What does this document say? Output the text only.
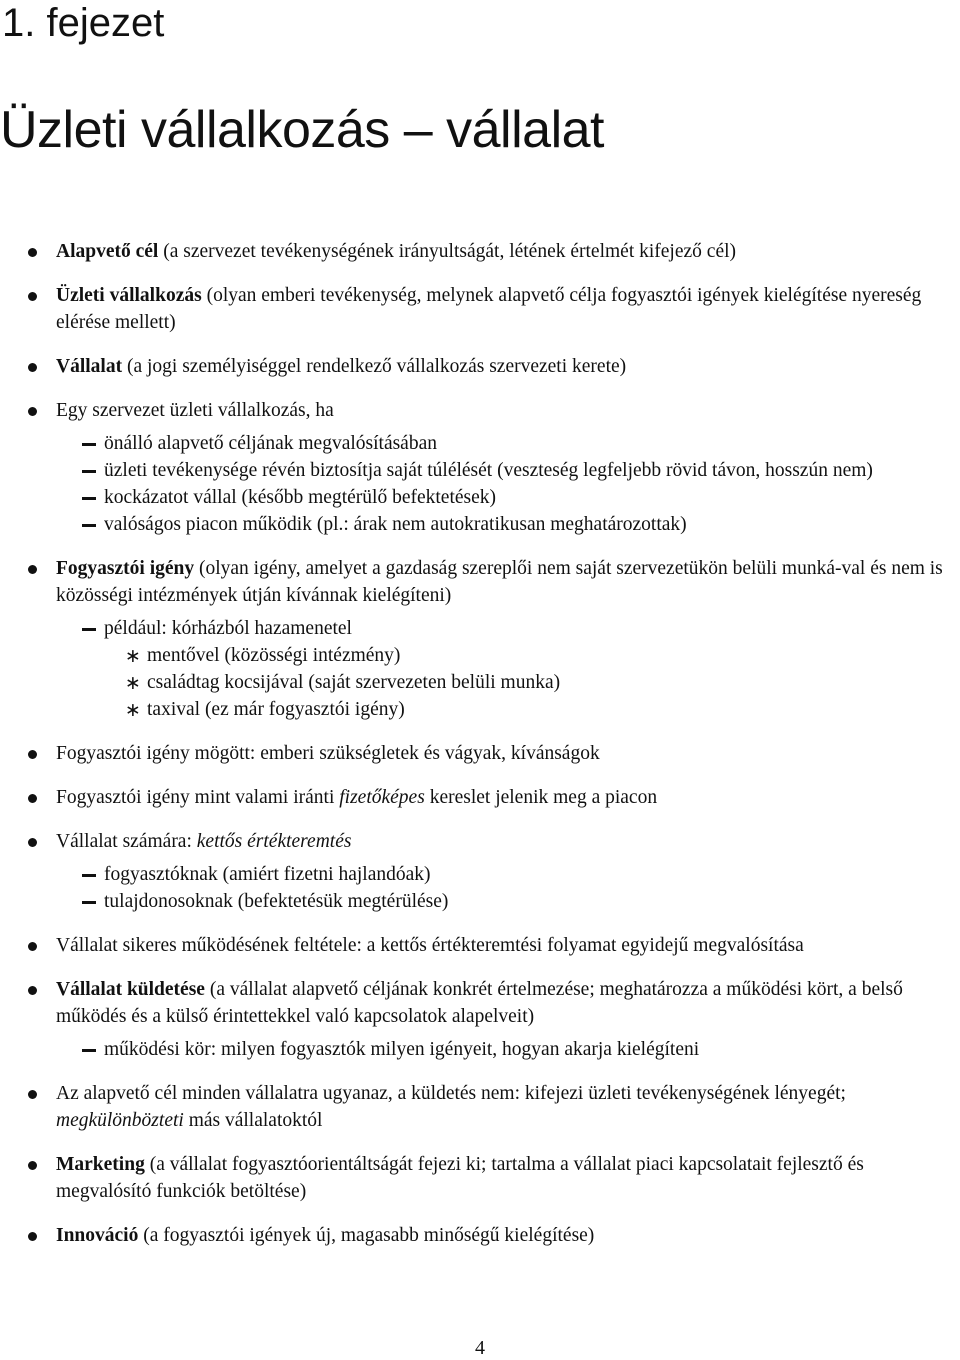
1. fejezet
Üzleti vállalkozás – vállalat
Alapvető cél (a szervezet tevékenységének irányultságát, létének értelmét kifejező cél)
Üzleti vállalkozás (olyan emberi tevékenység, melynek alapvető célja fogyasztói igények kielégítése nyereség elérése mellett)
Vállalat (a jogi személyiséggel rendelkező vállalkozás szervezeti kerete)
Egy szervezet üzleti vállalkozás, ha
önálló alapvető céljának megvalósításában
üzleti tevékenysége révén biztosítja saját túlélését (veszteség legfeljebb rövid távon, hosszún nem)
kockázatot vállal (később megtérülő befektetések)
valóságos piacon működik (pl.: árak nem autokratikusan meghatározottak)
Fogyasztói igény (olyan igény, amelyet a gazdaság szereplői nem saját szervezetükön belüli munká-val és nem is közösségi intézmények útján kívánnak kielégíteni)
például: kórházból hazamenetel
∗ mentővel (közösségi intézmény)
∗ családtag kocsijával (saját szervezeten belüli munka)
∗ taxival (ez már fogyasztói igény)
Fogyasztói igény mögött: emberi szükségletek és vágyak, kívánságok
Fogyasztói igény mint valami iránti fizetőképes kereslet jelenik meg a piacon
Vállalat számára: kettős értékteremtés
fogyasztóknak (amiért fizetni hajlandóak)
tulajdonosoknak (befektetésük megtérülése)
Vállalat sikeres működésének feltétele: a kettős értékteremtési folyamat egyidejű megvalósítása
Vállalat küldetése (a vállalat alapvető céljának konkrét értelmezése; meghatározza a működési kört, a belső működés és a külső érintettekkel való kapcsolatok alapelveit)
működési kör: milyen fogyasztók milyen igényeit, hogyan akarja kielégíteni
Az alapvető cél minden vállalatra ugyanaz, a küldetés nem: kifejezi üzleti tevékenységének lényegét; megkülönbözteti más vállalatoktól
Marketing (a vállalat fogyasztóorientáltságát fejezi ki; tartalma a vállalat piaci kapcsolatait fejlesztő és megvalósító funkciók betöltése)
Innováció (a fogyasztói igények új, magasabb minőségű kielégítése)
4
